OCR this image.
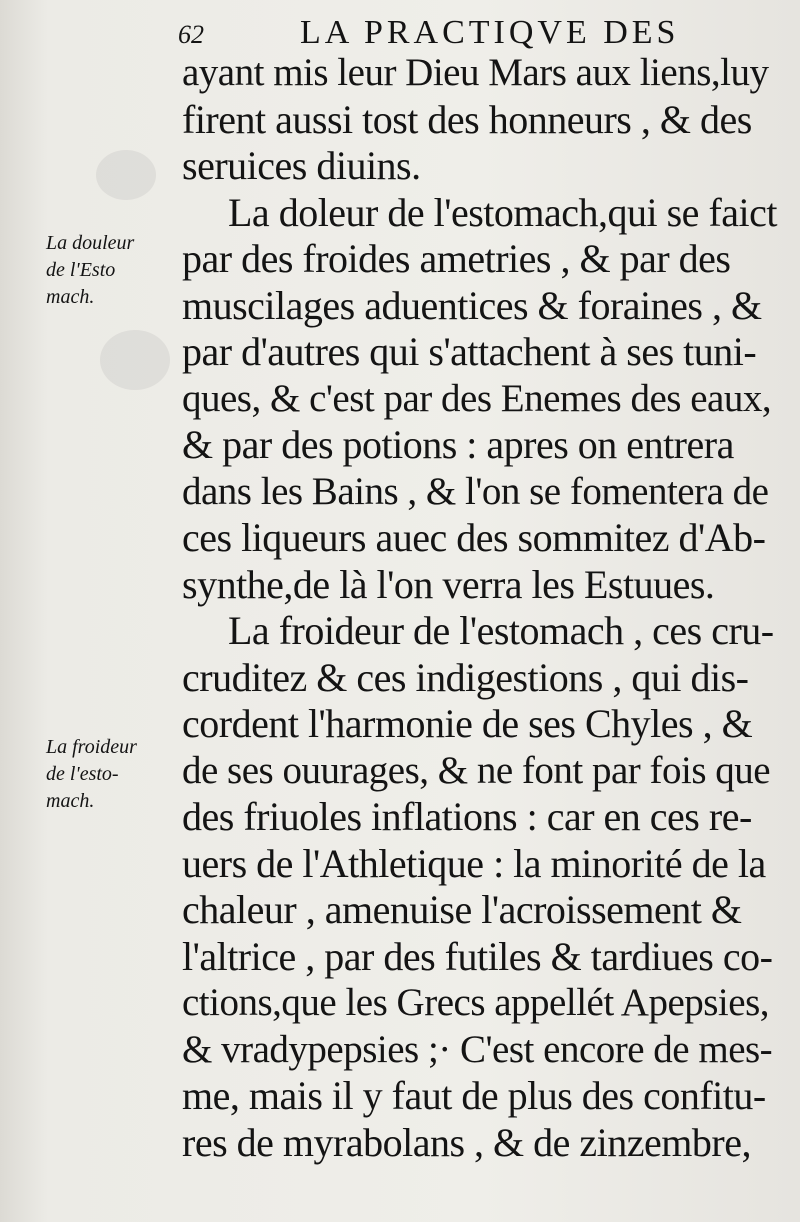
62	LA PRACTIQVE DES
La douleur
de l'Esto
mach.
La froideur
de l'esto-
mach.
ayant mis leur Dieu Mars aux liens,luy
firent aussi tost des honneurs , & des
seruices diuins.
La doleur de l'estomach,qui se faict
par des froides ametries , & par des
muscilages aduentices & foraines , &
par d'autres qui s'attachent à ses tuni-
ques, & c'est par des Enemes des eaux,
& par des potions : apres on entrera
dans les Bains , & l'on se fomentera de
ces liqueurs auec des sommitez d'Ab-
synthe,de là l'on verra les Estuues.
La froideur de l'estomach , ces cru-
cruditez & ces indigestions , qui dis-
cordent l'harmonie de ses Chyles , &
de ses ouurages, & ne font par fois que
des friuoles inflations : car en ces re-
uers de l'Athletique : la minorité de la
chaleur , amenuise l'acroissement &
l'altrice , par des futiles & tardiues co-
ctions,que les Grecs appellét Apepsies,
& vradypepsies ;· C'est encore de mes-
me, mais il y faut de plus des confitu-
res de myrabolans , & de zinzembre,
